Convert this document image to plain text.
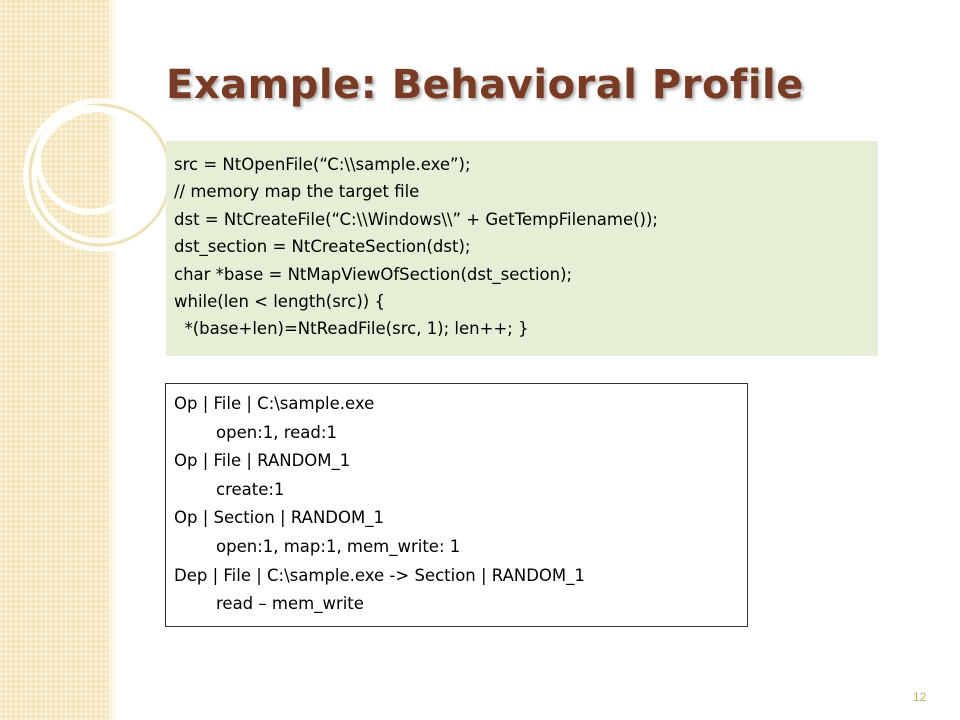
Example: Behavioral Profile
src = NtOpenFile(“C:\\sample.exe”);
// memory map the target file
dst = NtCreateFile(“C:\\Windows\\” + GetTempFilename());
dst_section = NtCreateSection(dst);
char *base = NtMapViewOfSection(dst_section);
while(len < length(src)) {
*(base+len)=NtReadFile(src, 1); len++; }
Op | File | C:\sample.exe
open:1, read:1
Op | File | RANDOM_1
create:1
Op | Section | RANDOM_1
open:1, map:1, mem_write: 1
Dep | File | C:\sample.exe -> Section | RANDOM_1
read – mem_write
12
